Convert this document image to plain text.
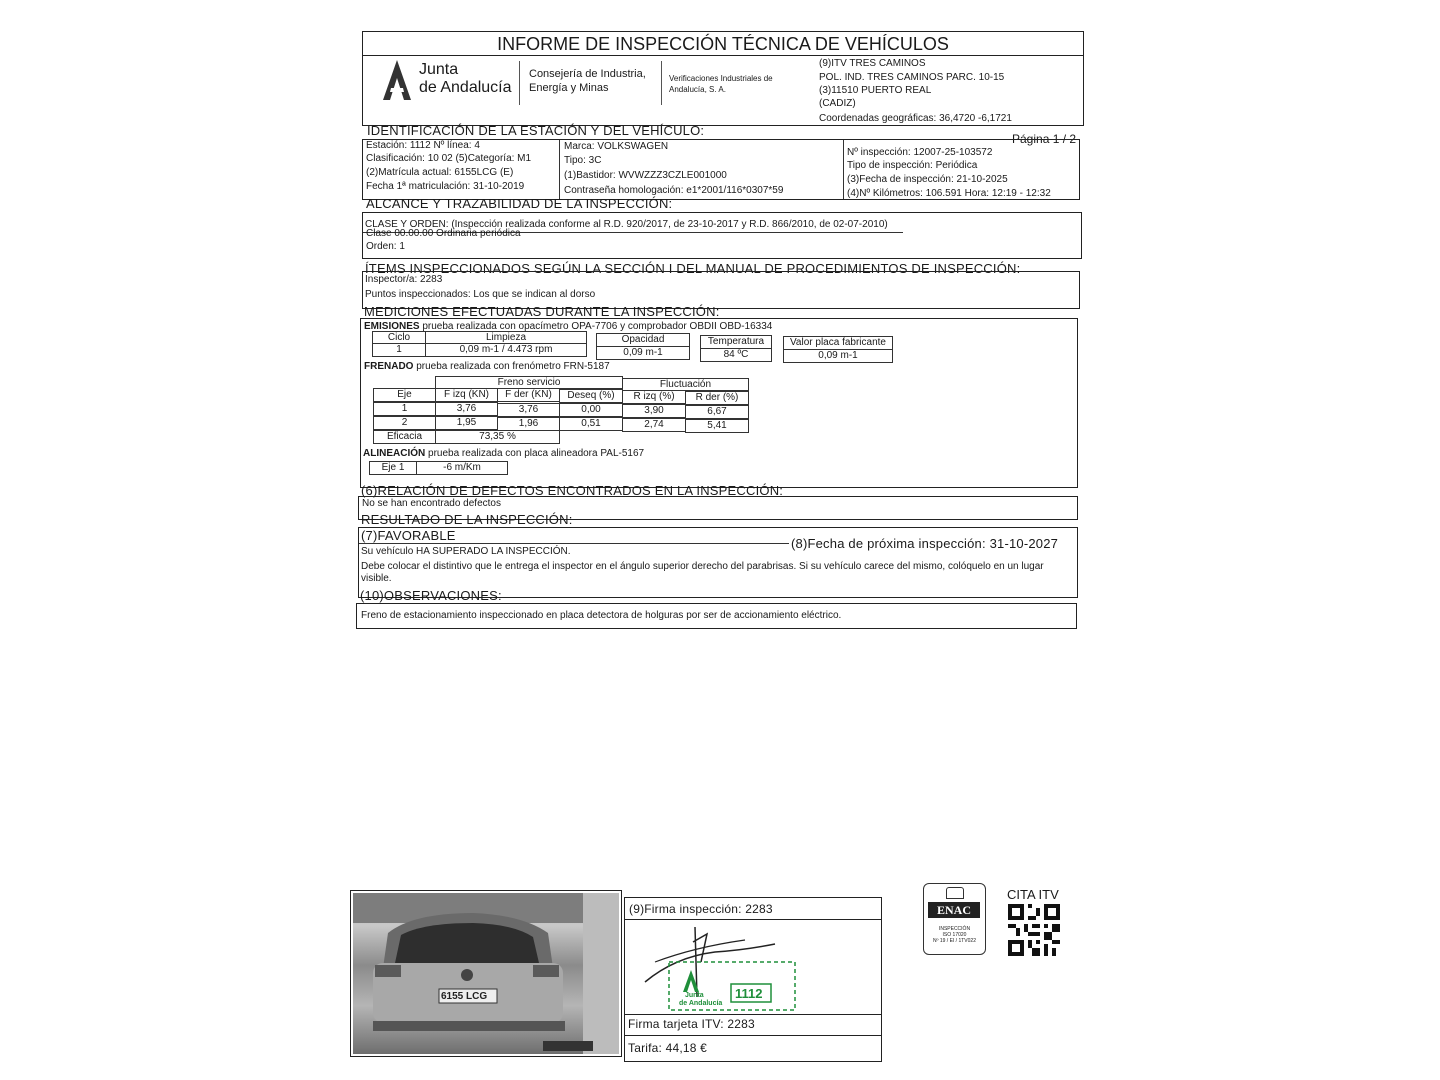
INFORME DE INSPECCIÓN TÉCNICA DE VEHÍCULOS
Junta
de Andalucía
Consejería de Industria,
Energía y Minas
Verificaciones Industriales de
Andalucía, S. A.
(9)ITV TRES CAMINOS
POL. IND. TRES CAMINOS PARC. 10-15
(3)11510 PUERTO REAL
(CADIZ)
Coordenadas geográficas: 36,4720 -6,1721
IDENTIFICACIÓN DE LA ESTACIÓN Y DEL VEHÍCULO:
Página 1 / 2
Estación: 1112 Nº línea: 4
Clasificación: 10 02 (5)Categoría: M1
(2)Matrícula actual: 6155LCG (E)
Fecha 1ª matriculación: 31-10-2019
Marca: VOLKSWAGEN
Tipo: 3C
(1)Bastidor: WVWZZZ3CZLE001000
Contraseña homologación: e1*2001/116*0307*59
Nº inspección: 12007-25-103572
Tipo de inspección: Periódica
(3)Fecha de inspección: 21-10-2025
(4)Nº Kilómetros: 106.591 Hora: 12:19 - 12:32
ALCANCE Y TRAZABILIDAD DE LA INSPECCIÓN:
CLASE Y ORDEN: (Inspección realizada conforme al R.D. 920/2017, de 23-10-2017 y R.D. 866/2010, de 02-07-2010)
Clase 00.00.00 Ordinaria periódica
Orden: 1
ÍTEMS INSPECCIONADOS SEGÚN LA SECCIÓN I DEL MANUAL DE PROCEDIMIENTOS DE INSPECCIÓN:
Inspector/a: 2283
Puntos inspeccionados: Los que se indican al dorso
MEDICIONES EFECTUADAS DURANTE LA INSPECCIÓN:
EMISIONES prueba realizada con opacímetro OPA-7706 y comprobador OBDII OBD-16334
Ciclo	Limpieza
1	0,09 m-1 / 4.473 rpm
Opacidad
0,09 m-1
Temperatura
84 ºC
Valor placa fabricante
0,09 m-1
FRENADO prueba realizada con frenómetro FRN-5187
Freno servicio	Fluctuación
Eje	F izq (KN)	F der (KN)	Deseq (%)	R izq (%)	R der (%)
1	3,76	3,76	0,00	3,90	6,67
2	1,95	1,96	0,51	2,74	5,41
Eficacia	73,35 %
ALINEACIÓN prueba realizada con placa alineadora PAL-5167
Eje 1	-6 m/Km
(6)RELACIÓN DE DEFECTOS ENCONTRADOS EN LA INSPECCIÓN:
No se han encontrado defectos
RESULTADO DE LA INSPECCIÓN:
(7)FAVORABLE
(8)Fecha de próxima inspección: 31-10-2027
Su vehículo HA SUPERADO LA INSPECCIÓN.
Debe colocar el distintivo que le entrega el inspector en el ángulo superior derecho del parabrisas. Si su vehículo carece del mismo, colóquelo en un lugar
visible.
(10)OBSERVACIONES:
Freno de estacionamiento inspeccionado en placa detectora de holguras por ser de accionamiento eléctrico.
6155 LCG
(9)Firma inspección: 2283
Junta
de Andalucía
1112
Firma tarjeta ITV: 2283
Tarifa: 44,18 €
ENAC
INSPECCIÓN
ISO 17020
Nº 19 / EI / 1TV022
CITA ITV
